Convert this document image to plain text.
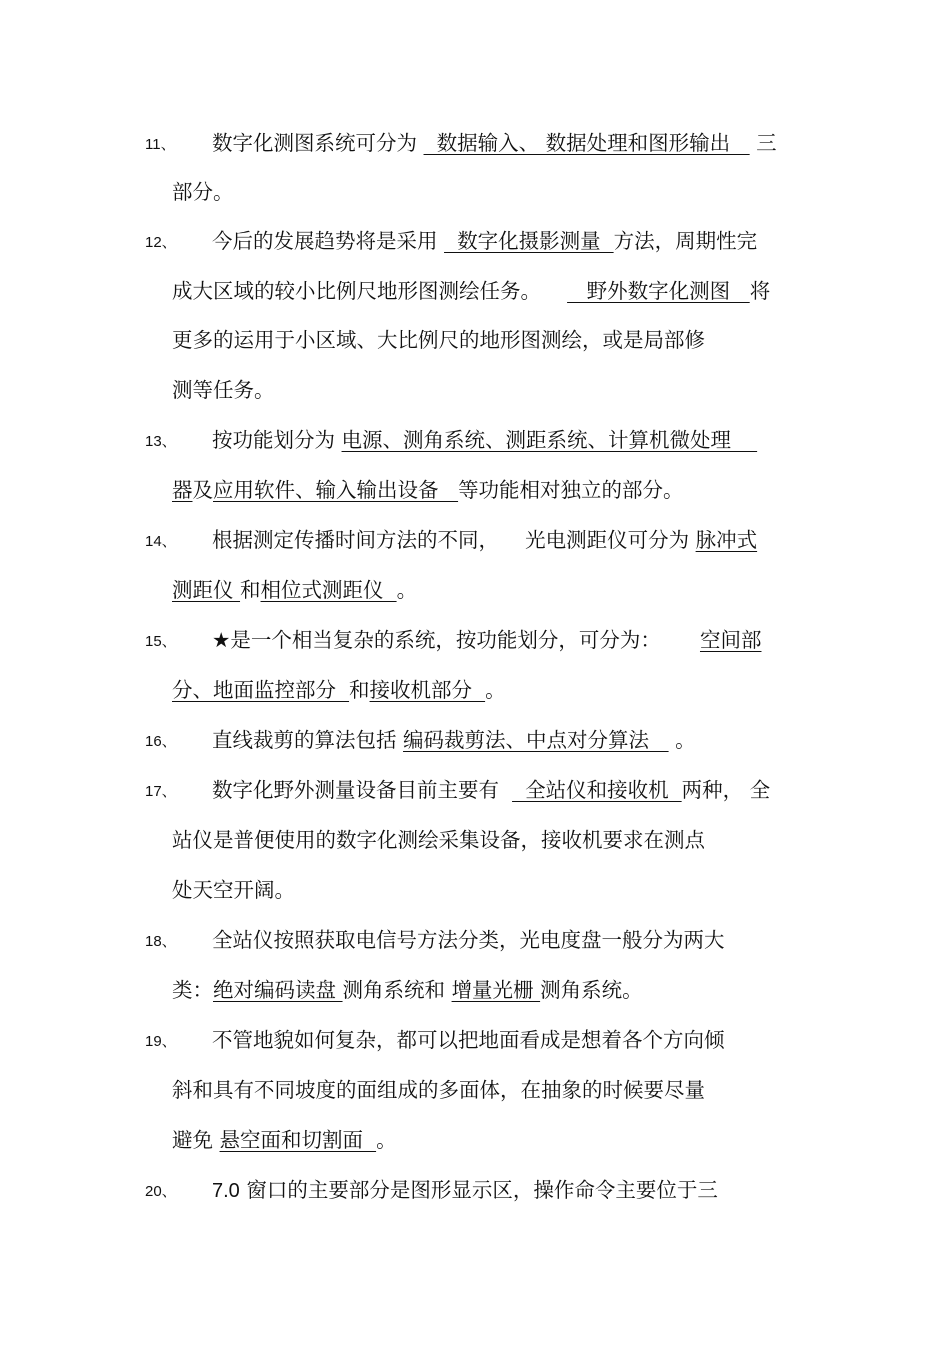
11、 数字化测图系统可分为   数据输入、 数据处理和图形输出    三
部分。
12、 今后的发展趋势将是采用   数字化摄影测量  方法，周期性完
成大区域的较小比例尺地形图测绘任务。       野外数字化测图   将
更多的运用于小区域、大比例尺的地形图测绘，或是局部修
测等任务。
13、 按功能划分为 电源、测角系统、测距系统、计算机微处理
器及应用软件、输入输出设备   等功能相对独立的部分。
14、 根据测定传播时间方法的不同，    光电测距仪可分为 脉冲式
测距仪 和相位式测距仪  。
15、 ★是一个相当复杂的系统，按功能划分，可分为：      空间部
分、地面监控部分  和接收机部分  。
16、 直线裁剪的算法包括 编码裁剪法、中点对分算法    。
17、 数字化野外测量设备目前主要有    全站仪和接收机  两种， 全
站仪是普便使用的数字化测绘采集设备，接收机要求在测点
处天空开阔。
18、 全站仪按照获取电信号方法分类，光电度盘一般分为两大
类：绝对编码读盘 测角系统和 增量光栅 测角系统。
19、 不管地貌如何复杂，都可以把地面看成是想着各个方向倾
斜和具有不同坡度的面组成的多面体，在抽象的时候要尽量
避免 悬空面和切割面  。
20、 7.0 窗口的主要部分是图形显示区，操作命令主要位于三
